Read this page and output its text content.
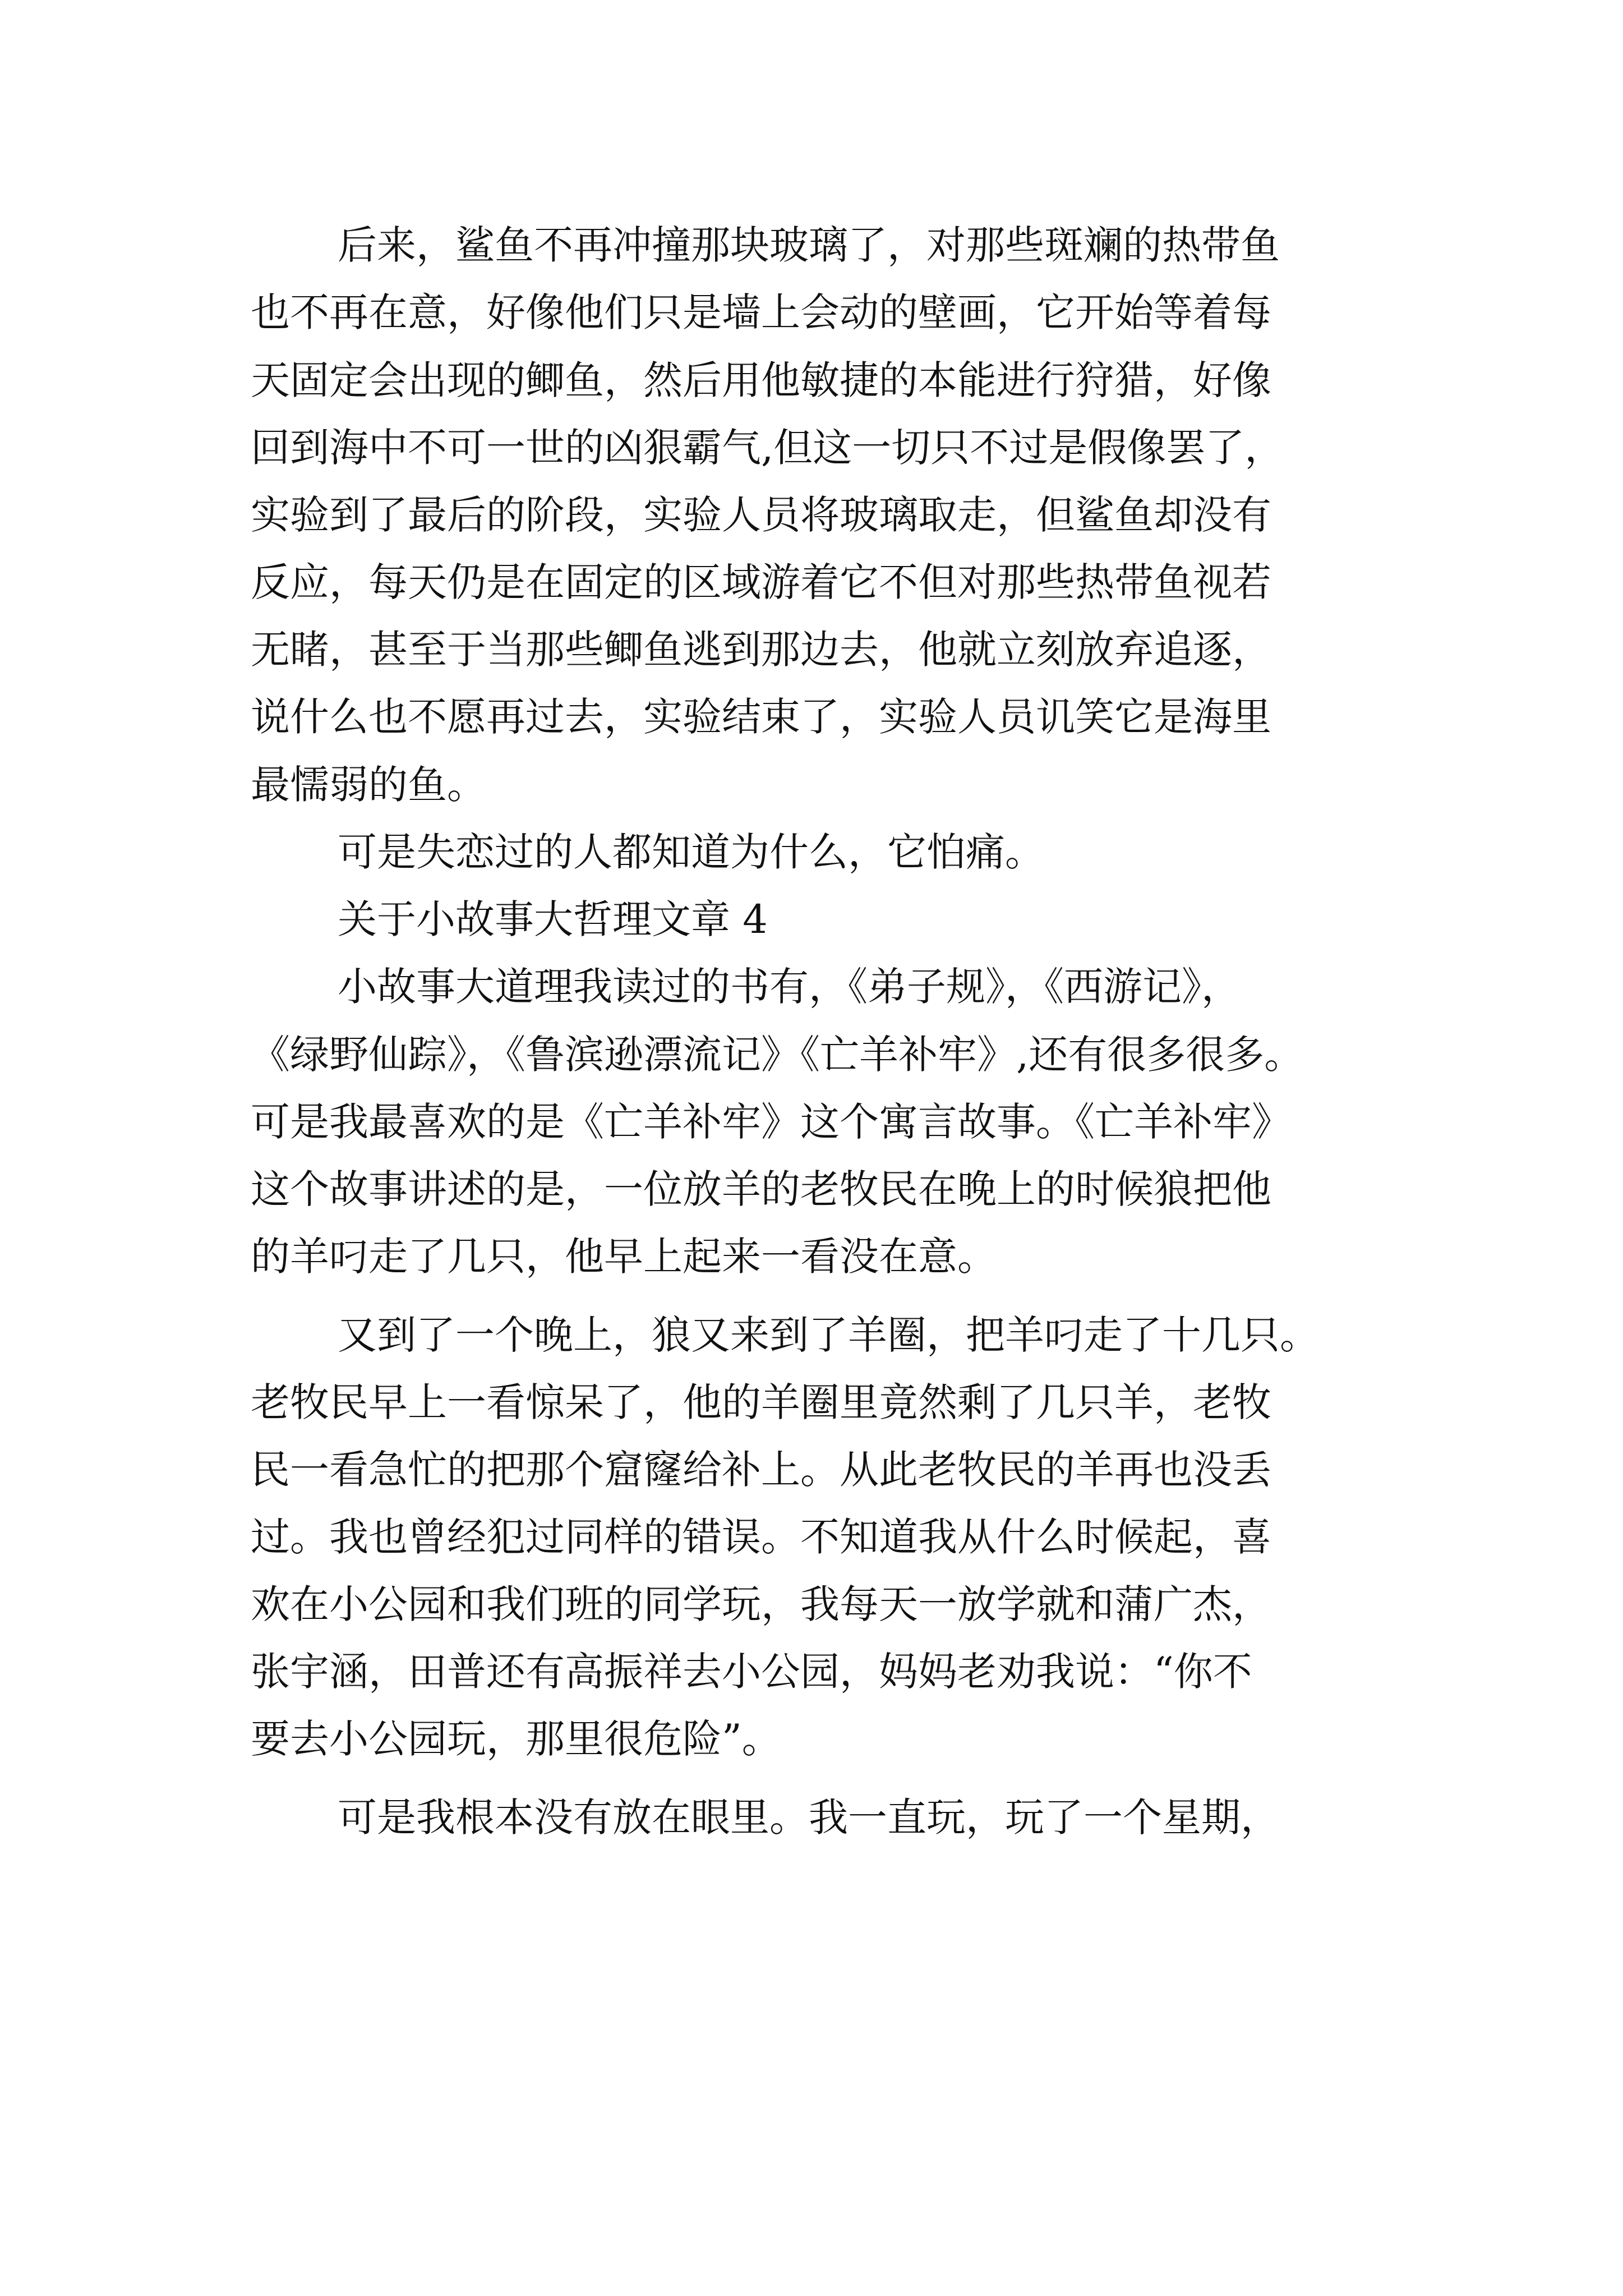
后来，鲨鱼不再冲撞那块玻璃了，对那些斑斓的热带鱼
也不再在意，好像他们只是墙上会动的壁画，它开始等着每
天固定会出现的鲫鱼，然后用他敏捷的本能进行狩猎，好像
回到海中不可一世的凶狠霸气,但这一切只不过是假像罢了，
实验到了最后的阶段，实验人员将玻璃取走，但鲨鱼却没有
反应，每天仍是在固定的区域游着它不但对那些热带鱼视若
无睹，甚至于当那些鲫鱼逃到那边去，他就立刻放弃追逐，
说什么也不愿再过去，实验结束了，实验人员讥笑它是海里
最懦弱的鱼。
可是失恋过的人都知道为什么，它怕痛。
关于小故事大哲理文章 4
小故事大道理我读过的书有，《弟子规》，《西游记》，
《绿野仙踪》，《鲁滨逊漂流记》《亡羊补牢》,还有很多很多。
可是我最喜欢的是《亡羊补牢》这个寓言故事。《亡羊补牢》
这个故事讲述的是，一位放羊的老牧民在晚上的时候狼把他
的羊叼走了几只，他早上起来一看没在意。
又到了一个晚上，狼又来到了羊圈，把羊叼走了十几只。
老牧民早上一看惊呆了，他的羊圈里竟然剩了几只羊，老牧
民一看急忙的把那个窟窿给补上。从此老牧民的羊再也没丢
过。我也曾经犯过同样的错误。不知道我从什么时候起，喜
欢在小公园和我们班的同学玩，我每天一放学就和蒲广杰，
张宇涵，田普还有高振祥去小公园，妈妈老劝我说：“你不
要去小公园玩，那里很危险”。
可是我根本没有放在眼里。我一直玩，玩了一个星期，
